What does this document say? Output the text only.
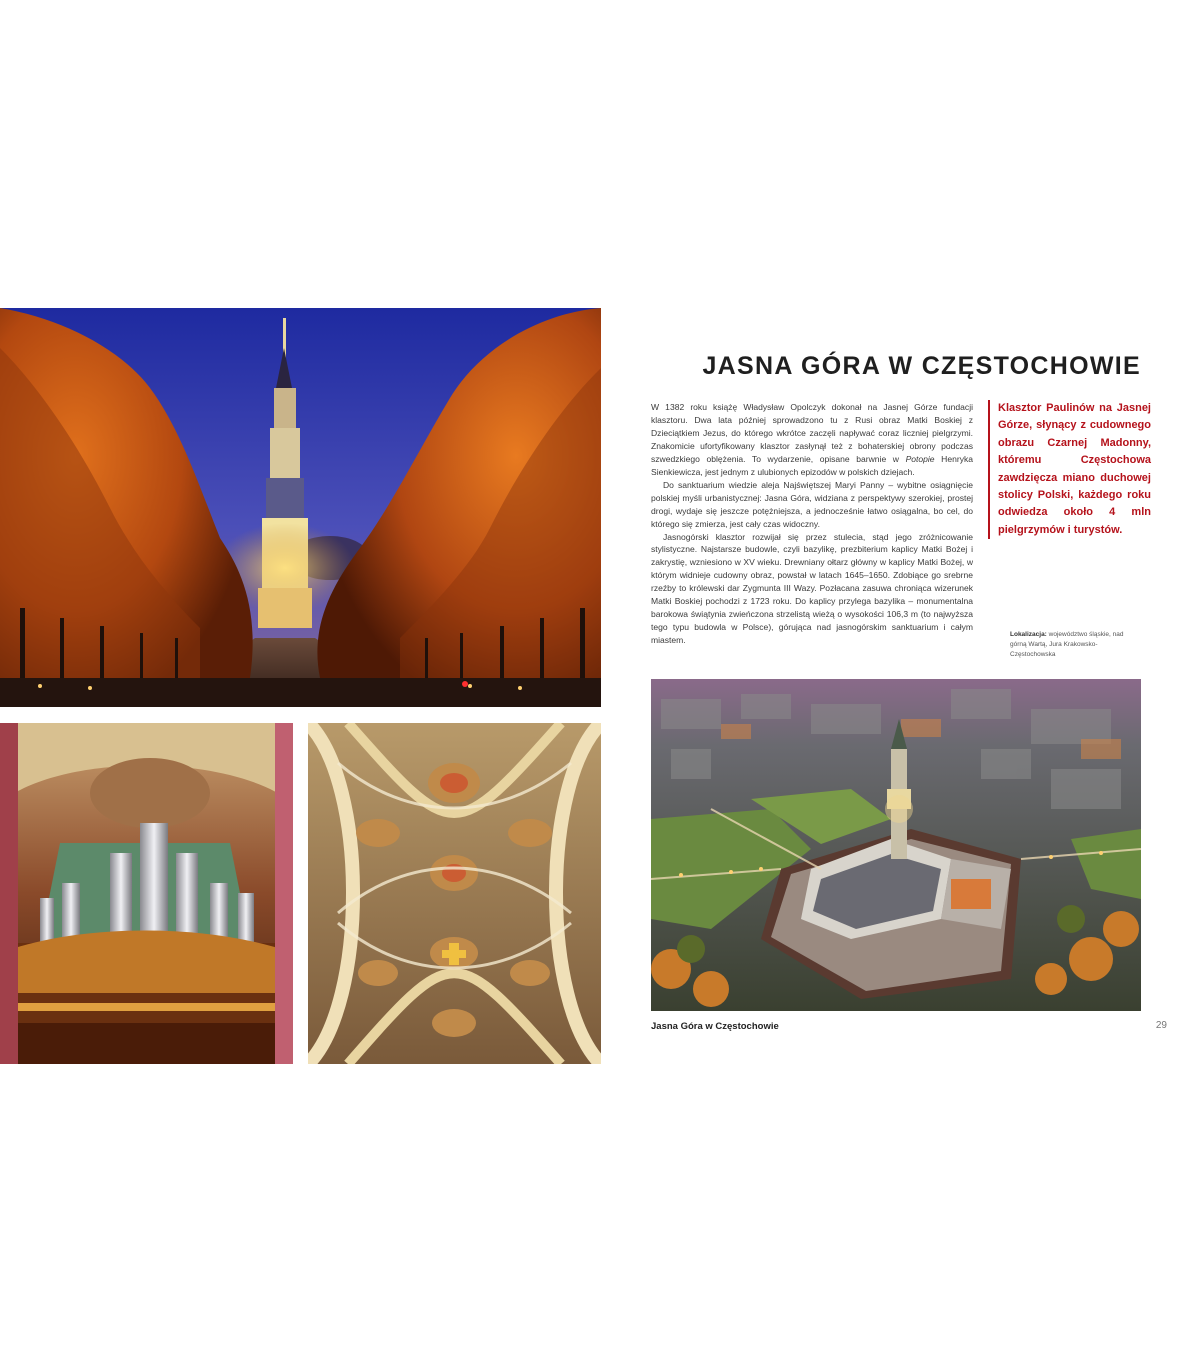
JASNA GÓRA W CZĘSTOCHOWIE

W 1382 roku książę Władysław Opolczyk dokonał na Jasnej Górze fundacji klasztoru. Dwa lata później sprowadzono tu z Rusi obraz Matki Boskiej z Dzieciątkiem Jezus, do którego wkrótce zaczęli napływać coraz liczniej pielgrzymi. Znakomicie ufortyfikowany klasztor zasłynął też z bohaterskiej obrony podczas szwedzkiego oblężenia. To wydarzenie, opisane barwnie w Potopie Henryka Sienkiewicza, jest jednym z ulubionych epizodów w polskich dziejach.

Do sanktuarium wiedzie aleja Najświętszej Maryi Panny – wybitne osiągnięcie polskiej myśli urbanistycznej: Jasna Góra, widziana z perspektywy szerokiej, prostej drogi, wydaje się jeszcze potężniejsza, a jednocześnie łatwo osiągalna, bo cel, do którego się zmierza, jest cały czas widoczny.

Jasnogórski klasztor rozwijał się przez stulecia, stąd jego zróżnicowanie stylistyczne. Najstarsze budowle, czyli bazylikę, prezbiterium kaplicy Matki Bożej i zakrystię, wzniesiono w XV wieku. Drewniany ołtarz główny w kaplicy Matki Bożej, w którym widnieje cudowny obraz, powstał w latach 1645–1650. Zdobiące go srebrne rzeźby to królewski dar Zygmunta III Wazy. Pozłacana zasuwa chroniąca wizerunek Matki Boskiej pochodzi z 1723 roku. Do kaplicy przylega bazylika – monumentalna barokowa świątynia zwieńczona strzelistą wieżą o wysokości 106,3 m (to najwyższa tego typu budowla w Polsce), górująca nad jasnogórskim sanktuarium i całym miastem.

Klasztor Paulinów na Jasnej Górze, słynący z cudownego obrazu Czarnej Madonny, któremu Częstochowa zawdzięcza miano duchowej stolicy Polski, każdego roku odwiedza około 4 mln pielgrzymów i turystów.
Lokalizacja: województwo śląskie, nad górną Wartą, Jura Krakowsko-Częstochowska
Jasna Góra w Częstochowie	29
